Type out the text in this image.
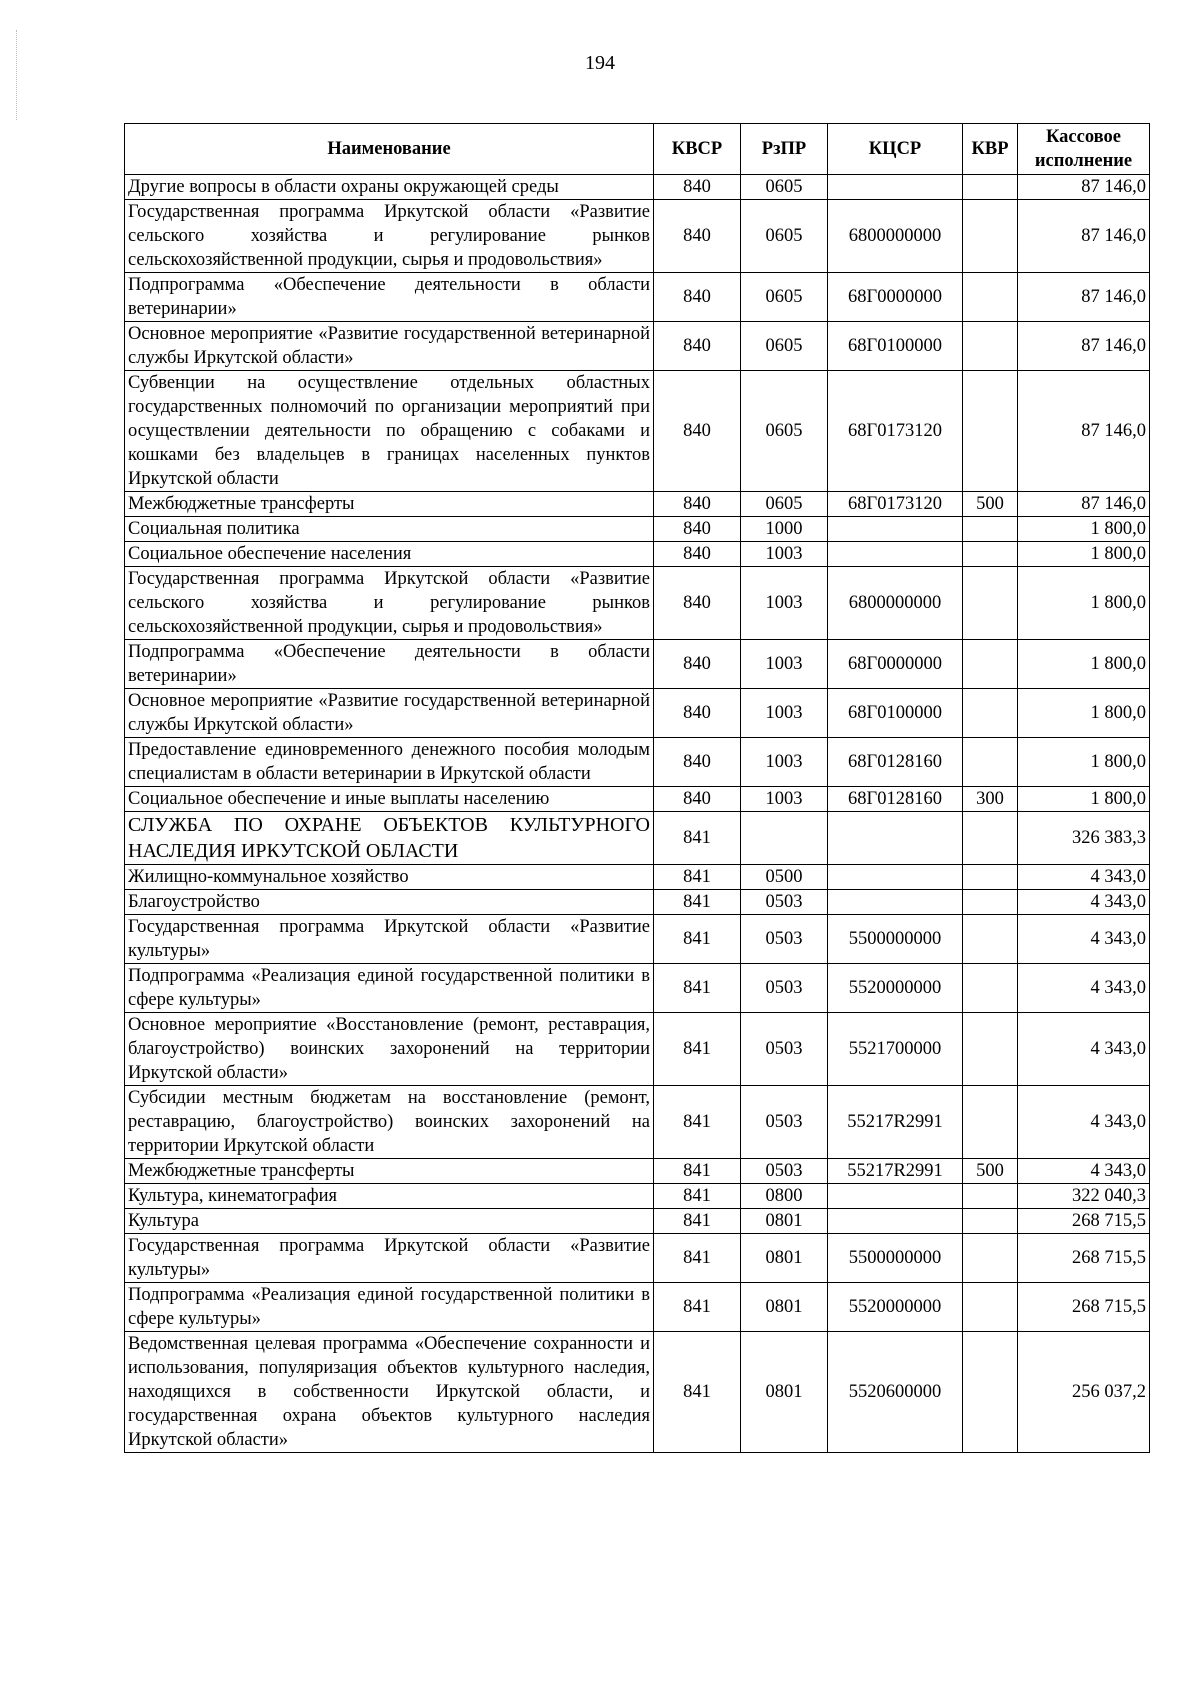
194
Наименование	КВСР	РзПР	КЦСР	КВР	Кассовое исполнение
Другие вопросы в области охраны окружающей среды	840	0605			87 146,0
Государственная программа Иркутской области «Развитие сельского хозяйства и регулирование рынков сельскохозяйственной продукции, сырья и продовольствия»	840	0605	6800000000		87 146,0
Подпрограмма «Обеспечение деятельности в области ветеринарии»	840	0605	68Г0000000		87 146,0
Основное мероприятие «Развитие государственной ветеринарной службы Иркутской области»	840	0605	68Г0100000		87 146,0
Субвенции на осуществление отдельных областных государственных полномочий по организации мероприятий при осуществлении деятельности по обращению с собаками и кошками без владельцев в границах населенных пунктов Иркутской области	840	0605	68Г0173120		87 146,0
Межбюджетные трансферты	840	0605	68Г0173120	500	87 146,0
Социальная политика	840	1000			1 800,0
Социальное обеспечение населения	840	1003			1 800,0
Государственная программа Иркутской области «Развитие сельского хозяйства и регулирование рынков сельскохозяйственной продукции, сырья и продовольствия»	840	1003	6800000000		1 800,0
Подпрограмма «Обеспечение деятельности в области ветеринарии»	840	1003	68Г0000000		1 800,0
Основное мероприятие «Развитие государственной ветеринарной службы Иркутской области»	840	1003	68Г0100000		1 800,0
Предоставление единовременного денежного пособия молодым специалистам в области ветеринарии в Иркутской области	840	1003	68Г0128160		1 800,0
Социальное обеспечение и иные выплаты населению	840	1003	68Г0128160	300	1 800,0
СЛУЖБА ПО ОХРАНЕ ОБЪЕКТОВ КУЛЬТУРНОГО НАСЛЕДИЯ ИРКУТСКОЙ ОБЛАСТИ	841				326 383,3
Жилищно-коммунальное хозяйство	841	0500			4 343,0
Благоустройство	841	0503			4 343,0
Государственная программа Иркутской области «Развитие культуры»	841	0503	5500000000		4 343,0
Подпрограмма «Реализация единой государственной политики в сфере культуры»	841	0503	5520000000		4 343,0
Основное мероприятие «Восстановление (ремонт, реставрация, благоустройство) воинских захоронений на территории Иркутской области»	841	0503	5521700000		4 343,0
Субсидии местным бюджетам на восстановление (ремонт, реставрацию, благоустройство) воинских захоронений на территории Иркутской области	841	0503	55217R2991		4 343,0
Межбюджетные трансферты	841	0503	55217R2991	500	4 343,0
Культура, кинематография	841	0800			322 040,3
Культура	841	0801			268 715,5
Государственная программа Иркутской области «Развитие культуры»	841	0801	5500000000		268 715,5
Подпрограмма «Реализация единой государственной политики в сфере культуры»	841	0801	5520000000		268 715,5
Ведомственная целевая программа «Обеспечение сохранности и использования, популяризация объектов культурного наследия, находящихся в собственности Иркутской области, и государственная охрана объектов культурного наследия Иркутской области»	841	0801	5520600000		256 037,2
